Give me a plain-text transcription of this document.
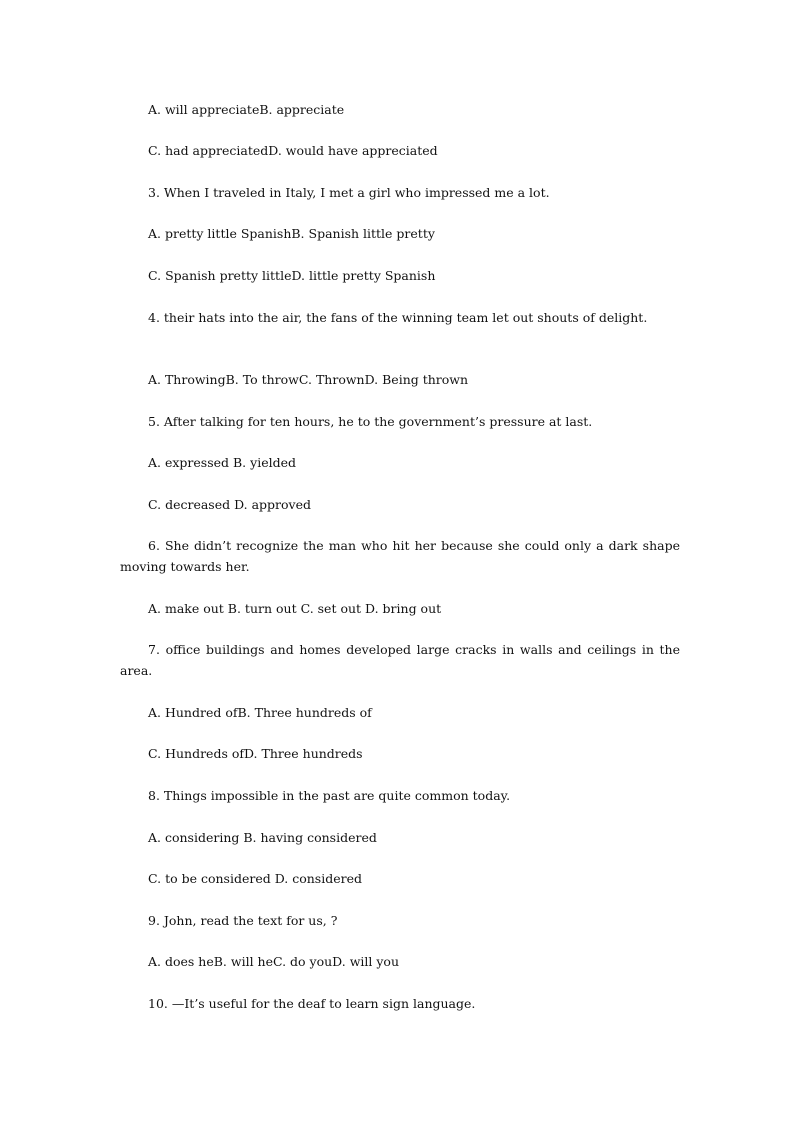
A. will appreciateB. appreciate

C. had appreciatedD. would have appreciated

3. When I traveled in Italy, I met a girl who impressed me a lot.

A. pretty little SpanishB. Spanish little pretty

C. Spanish pretty littleD. little pretty Spanish

4. their hats into the air, the fans of the winning team let out shouts of delight.

A. ThrowingB. To throwC. ThrownD. Being thrown

5. After talking for ten hours, he to the government’s pressure at last.

A. expressed B. yielded

C. decreased D. approved

6. She didn’t recognize the man who hit her because she could only a dark shape moving towards her.

A. make out B. turn out C. set out D. bring out

7. office buildings and homes developed large cracks in walls and ceilings in the area.

A. Hundred ofB. Three hundreds of

C. Hundreds ofD. Three hundreds

8. Things impossible in the past are quite common today.

A. considering B. having considered

C. to be considered D. considered

9. John, read the text for us, ?

A. does heB. will heC. do youD. will you

10. —It’s useful for the deaf to learn sign language.
